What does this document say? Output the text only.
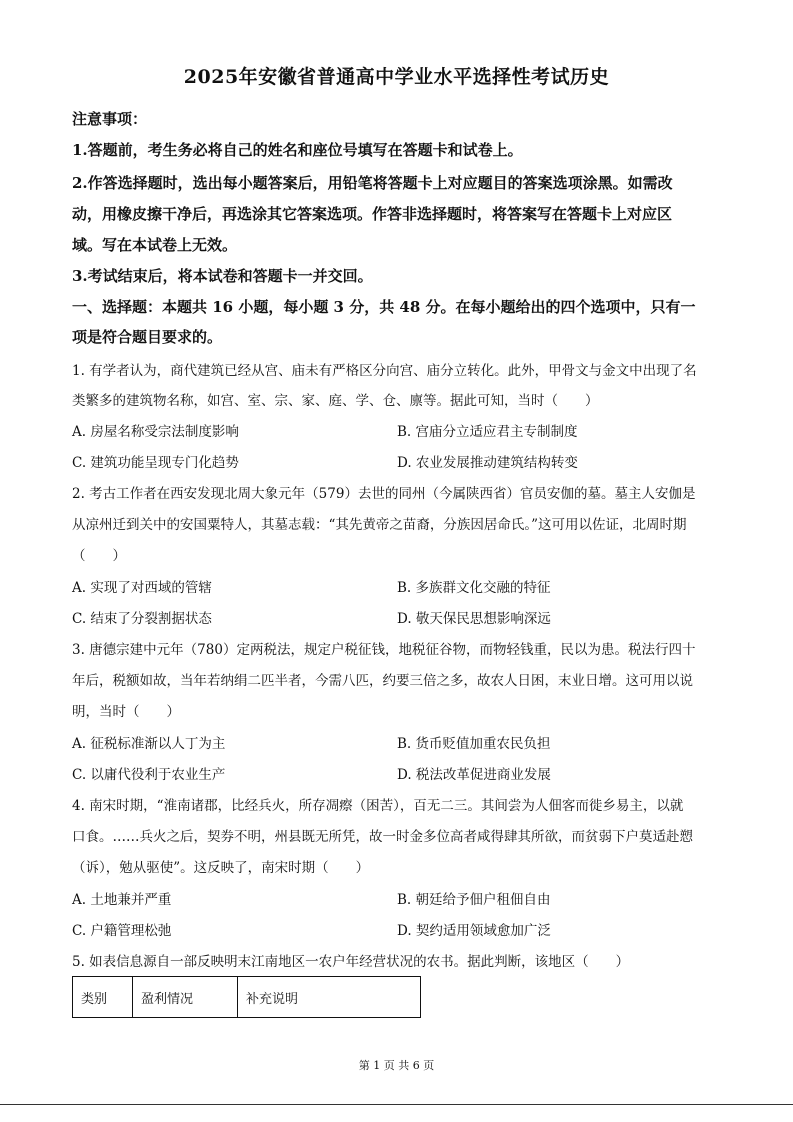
2025年安徽省普通高中学业水平选择性考试历史
注意事项：
1.答题前，考生务必将自己的姓名和座位号填写在答题卡和试卷上。
2.作答选择题时，选出每小题答案后，用铅笔将答题卡上对应题目的答案选项涂黑。如需改
动，用橡皮擦干净后，再选涂其它答案选项。作答非选择题时，将答案写在答题卡上对应区
域。写在本试卷上无效。
3.考试结束后，将本试卷和答题卡一并交回。
一、选择题：本题共 16 小题，每小题 3 分，共 48 分。在每小题给出的四个选项中，只有一
项是符合题目要求的。
1. 有学者认为，商代建筑已经从宫、庙未有严格区分向宫、庙分立转化。此外，甲骨文与金文中出现了名
类繁多的建筑物名称，如宫、室、宗、家、庭、学、仓、廪等。据此可知，当时（　　）
A. 房屋名称受宗法制度影响	B. 宫庙分立适应君主专制制度
C. 建筑功能呈现专门化趋势	D. 农业发展推动建筑结构转变
2. 考古工作者在西安发现北周大象元年（579）去世的同州（今属陕西省）官员安伽的墓。墓主人安伽是
从凉州迁到关中的安国粟特人，其墓志载：“其先黄帝之苗裔，分族因居命氏。”这可用以佐证，北周时期
（　　）
A. 实现了对西域的管辖	B. 多族群文化交融的特征
C. 结束了分裂割据状态	D. 敬天保民思想影响深远
3. 唐德宗建中元年（780）定两税法，规定户税征钱，地税征谷物，而物轻钱重，民以为患。税法行四十
年后，税额如故，当年若纳绢二匹半者，今需八匹，约要三倍之多，故农人日困，末业日增。这可用以说
明，当时（　　）
A. 征税标准渐以人丁为主	B. 货币贬值加重农民负担
C. 以庸代役利于农业生产	D. 税法改革促进商业发展
4. 南宋时期，“淮南诸郡，比经兵火，所存凋瘵（困苦），百无二三。其间尝为人佃客而徙乡易主，以就
口食。……兵火之后，契券不明，州县既无所凭，故一时金多位高者咸得肆其所欲，而贫弱下户莫适赴愬
（诉），勉从驱使”。这反映了，南宋时期（　　）
A. 土地兼并严重	B. 朝廷给予佃户租佃自由
C. 户籍管理松弛	D. 契约适用领域愈加广泛
5. 如表信息源自一部反映明末江南地区一农户年经营状况的农书。据此判断，该地区（　　）
类别	盈利情况	补充说明
第 1 页 共 6 页
